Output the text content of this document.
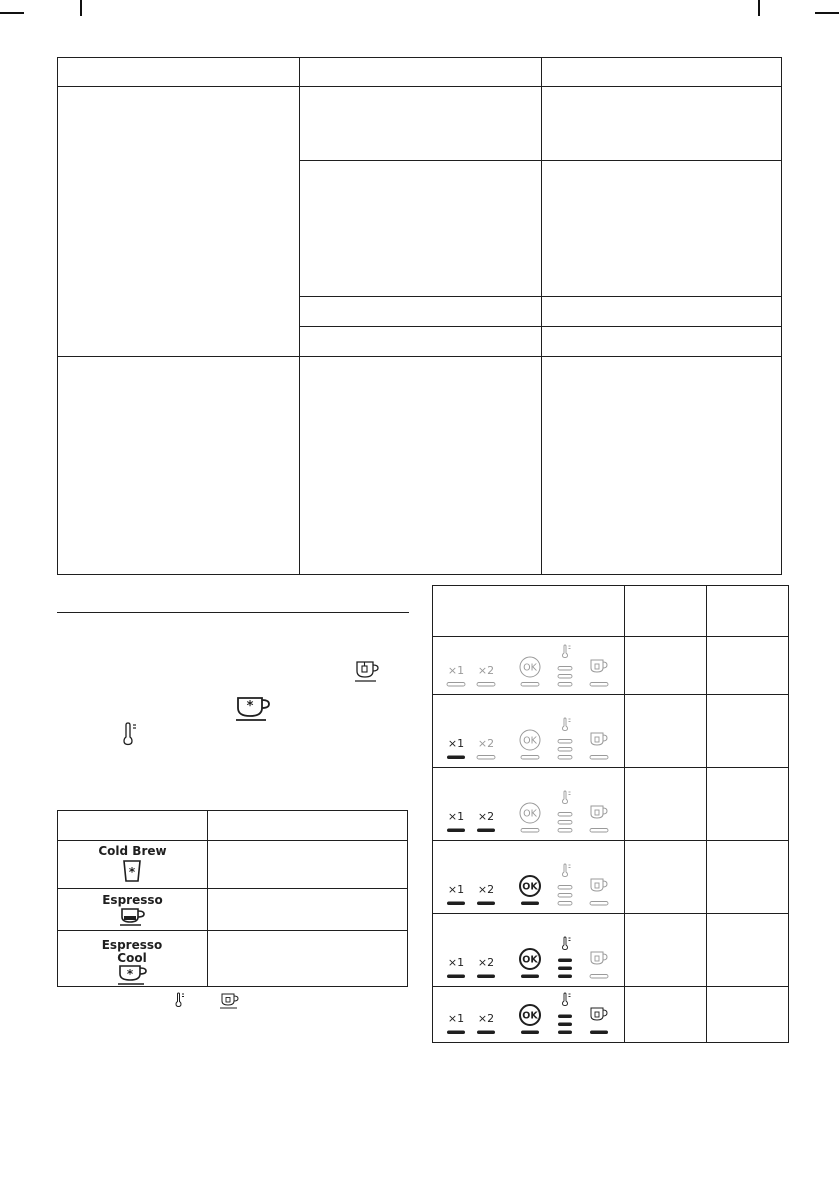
*
Cold Brew
*
Espresso
Espresso Cool
*
×1 ×2	OK
×1 ×2	OK
×1 ×2	OK
×1 ×2	OK
×1 ×2	OK
×1 ×2	OK
